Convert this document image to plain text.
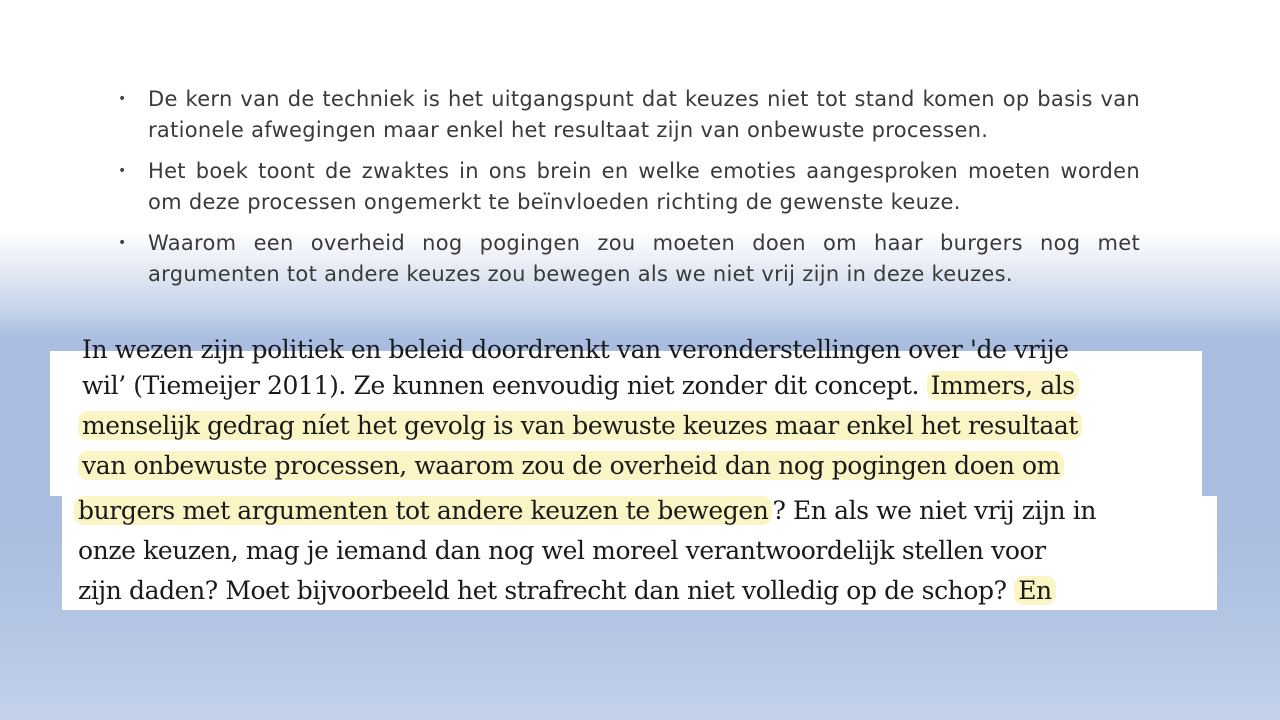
• De kern van de techniek is het uitgangspunt dat keuzes niet tot stand komen op basis van rationele afwegingen maar enkel het resultaat zijn van onbewuste processen.
• Het boek toont de zwaktes in ons brein en welke emoties aangesproken moeten worden om deze processen ongemerkt te beïnvloeden richting de gewenste keuze.
• Waarom een overheid nog pogingen zou moeten doen om haar burgers nog met argumenten tot andere keuzes zou bewegen als we niet vrij zijn in deze keuzes.
In wezen zijn politiek en beleid doordrenkt van veronderstellingen over 'de vrije
wil’ (Tiemeijer 2011). Ze kunnen eenvoudig niet zonder dit concept. Immers, als
menselijk gedrag níet het gevolg is van bewuste keuzes maar enkel het resultaat
van onbewuste processen, waarom zou de overheid dan nog pogingen doen om
burgers met argumenten tot andere keuzen te bewegen ? En als we niet vrij zijn in
onze keuzen, mag je iemand dan nog wel moreel verantwoordelijk stellen voor
zijn daden? Moet bijvoorbeeld het strafrecht dan niet volledig op de schop? En
